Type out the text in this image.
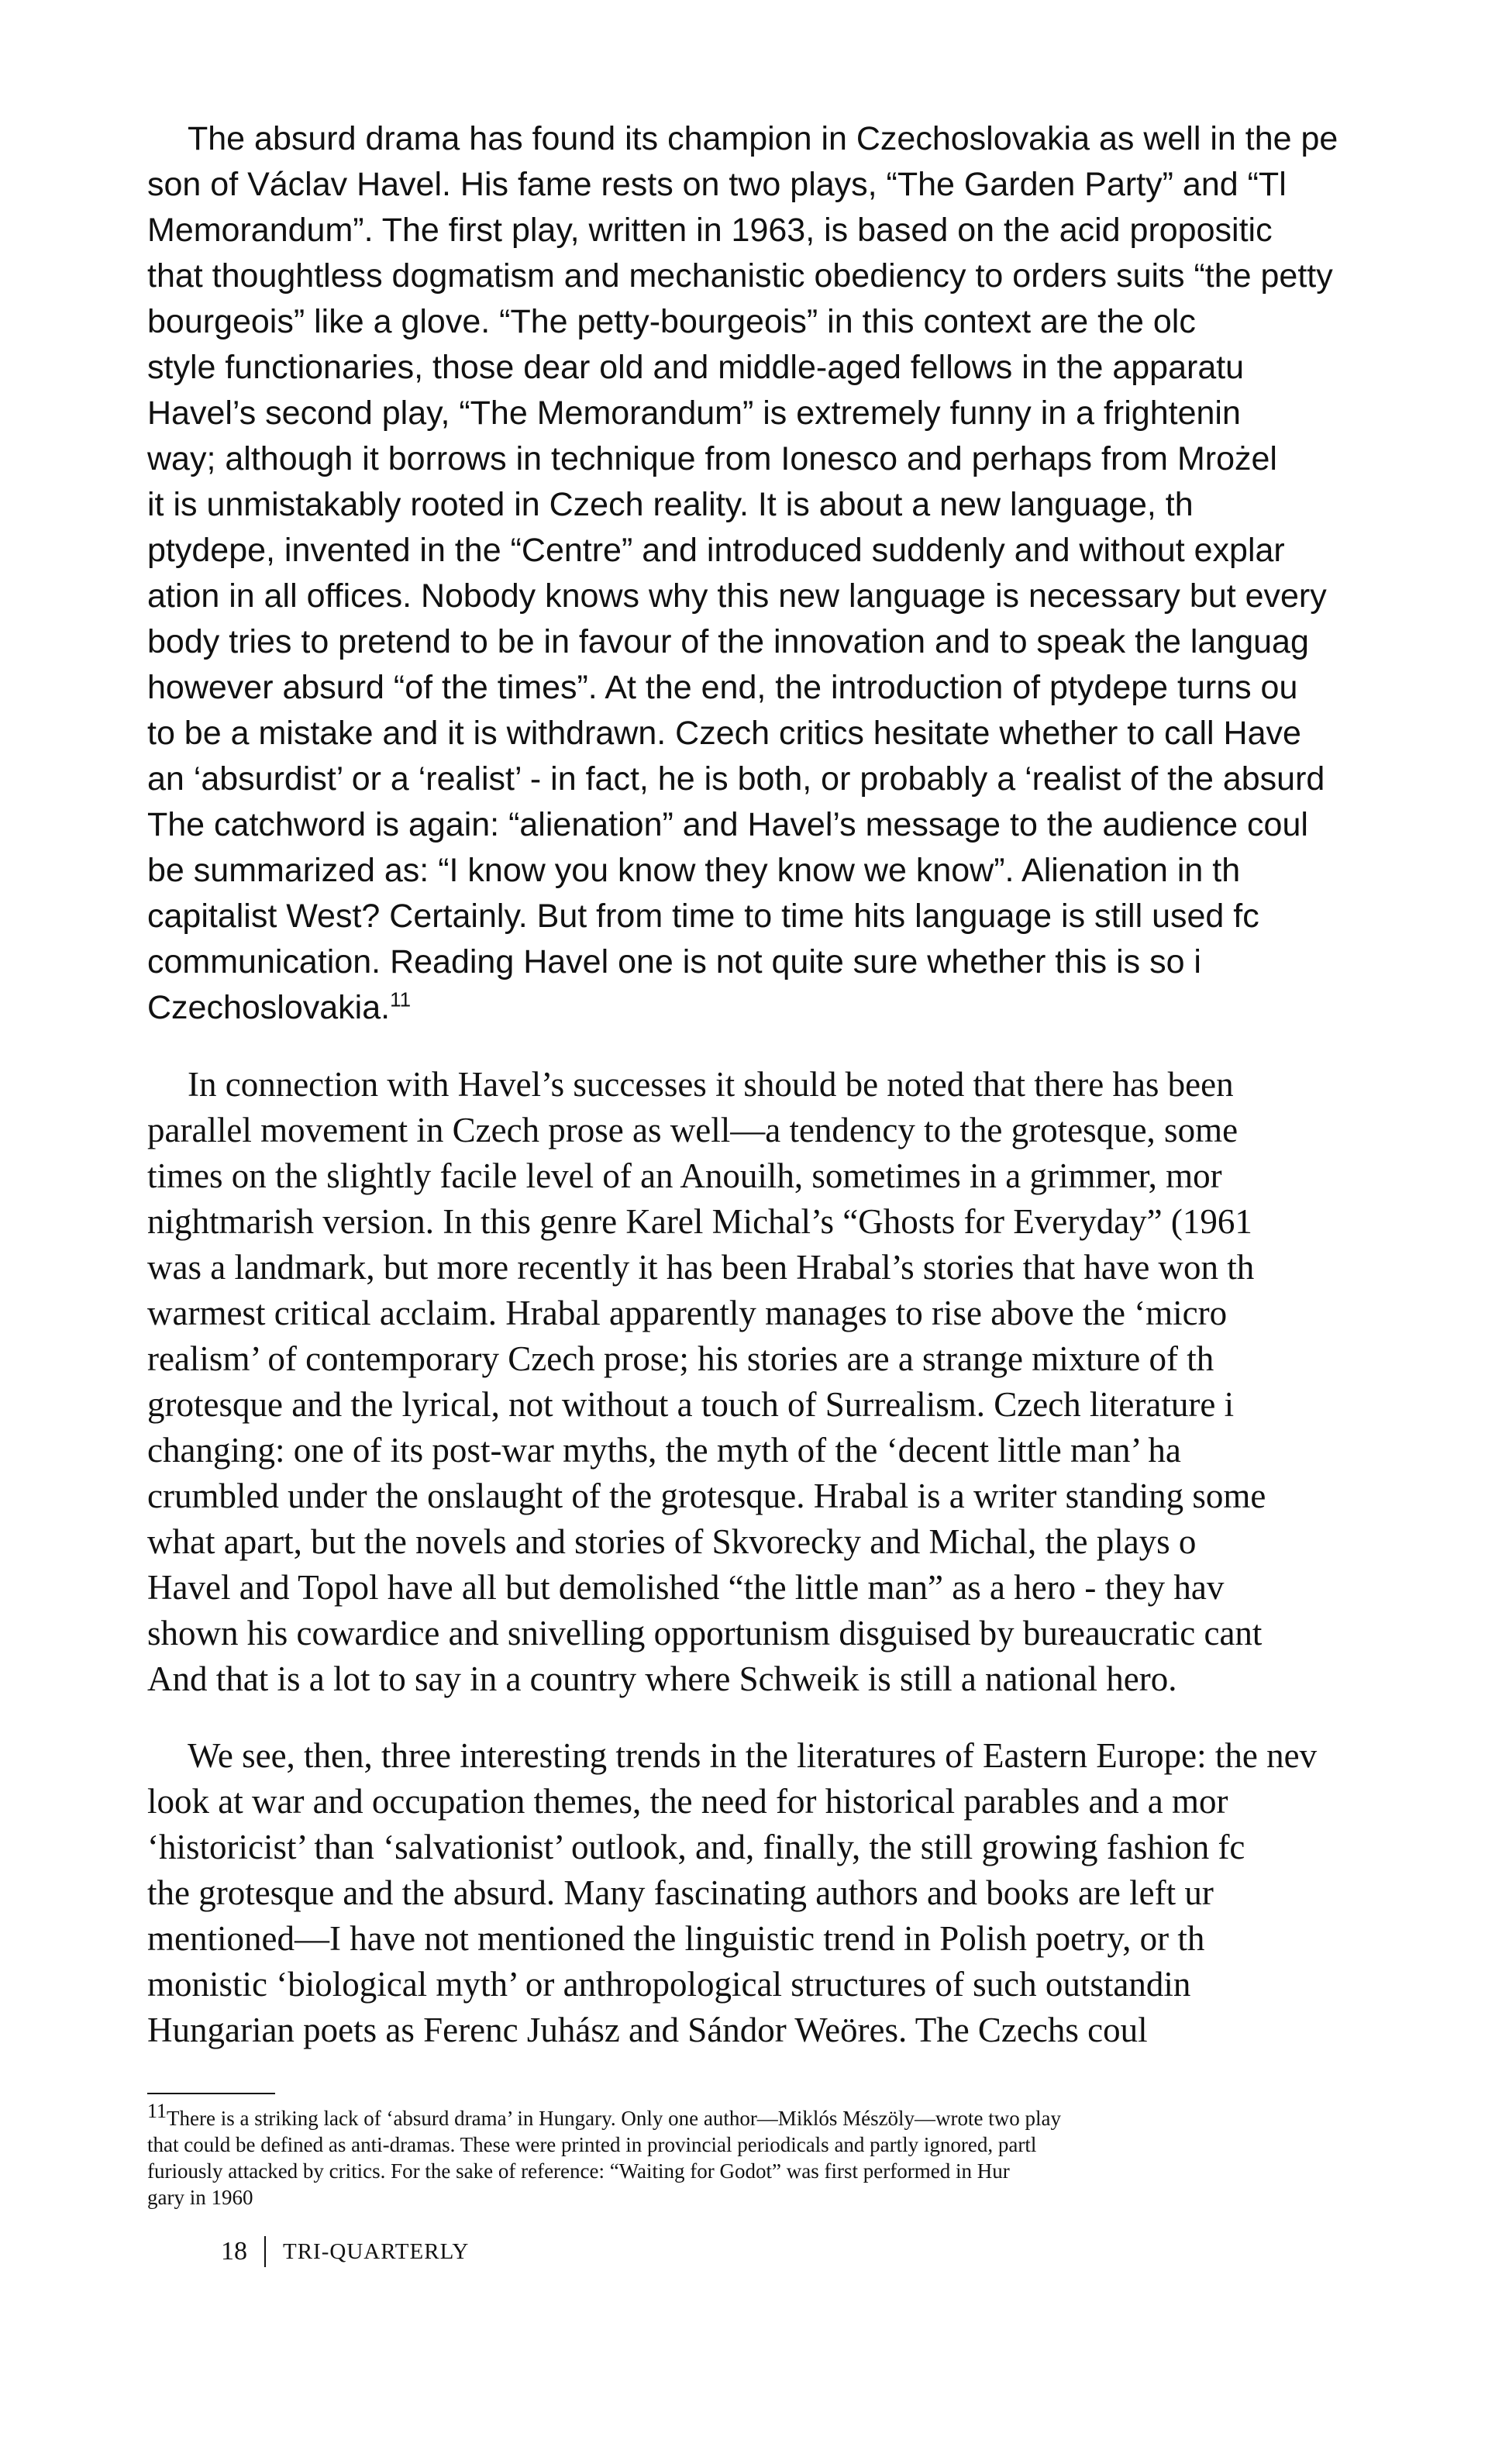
The absurd drama has found its champion in Czechoslovakia as well in the pe
son of Václav Havel. His fame rests on two plays, “The Garden Party” and “Tl
Memorandum”. The first play, written in 1963, is based on the acid propositic
that thoughtless dogmatism and mechanistic obediency to orders suits “the petty
bourgeois” like a glove. “The petty-bourgeois” in this context are the olc
style functionaries, those dear old and middle-aged fellows in the apparatu
Havel’s second play, “The Memorandum” is extremely funny in a frightenin
way; although it borrows in technique from Ionesco and perhaps from Mrożel
it is unmistakably rooted in Czech reality. It is about a new language, th
ptydepe, invented in the “Centre” and introduced suddenly and without explar
ation in all offices. Nobody knows why this new language is necessary but every
body tries to pretend to be in favour of the innovation and to speak the languag
however absurd “of the times”. At the end, the introduction of ptydepe turns ou
to be a mistake and it is withdrawn. Czech critics hesitate whether to call Have
an ‘absurdist’ or a ‘realist’ - in fact, he is both, or probably a ‘realist of the absurd
The catchword is again: “alienation” and Havel’s message to the audience coul
be summarized as: “I know you know they know we know”. Alienation in th
capitalist West? Certainly. But from time to time hits language is still used fc
communication. Reading Havel one is not quite sure whether this is so i
Czechoslovakia.$^{11}$

In connection with Havel’s successes it should be noted that there has been
parallel movement in Czech prose as well—a tendency to the grotesque, some
times on the slightly facile level of an Anouilh, sometimes in a grimmer, mor
nightmarish version. In this genre Karel Michal’s “Ghosts for Everyday” (1961
was a landmark, but more recently it has been Hrabal’s stories that have won th
warmest critical acclaim. Hrabal apparently manages to rise above the ‘micro
realism’ of contemporary Czech prose; his stories are a strange mixture of th
grotesque and the lyrical, not without a touch of Surrealism. Czech literature i
changing: one of its post-war myths, the myth of the ‘decent little man’ ha
crumbled under the onslaught of the grotesque. Hrabal is a writer standing some
what apart, but the novels and stories of Skvorecky and Michal, the plays o
Havel and Topol have all but demolished “the little man” as a hero - they hav
shown his cowardice and snivelling opportunism disguised by bureaucratic cant
And that is a lot to say in a country where Schweik is still a national hero.

We see, then, three interesting trends in the literatures of Eastern Europe: the nev
look at war and occupation themes, the need for historical parables and a mor
‘historicist’ than ‘salvationist’ outlook, and, finally, the still growing fashion fc
the grotesque and the absurd. Many fascinating authors and books are left ur
mentioned—I have not mentioned the linguistic trend in Polish poetry, or th
monistic ‘biological myth’ or anthropological structures of such outstandin
Hungarian poets as Ferenc Juhász and Sándor Weöres. The Czechs coul

$^{11}$There is a striking lack of ‘absurd drama’ in Hungary. Only one author—Miklós Mészöly—wrote two play
that could be defined as anti-dramas. These were printed in provincial periodicals and partly ignored, partl
furiously attacked by critics. For the sake of reference: “Waiting for Godot” was first performed in Hur
gary in 1960

18 TRI-QUARTERLY
